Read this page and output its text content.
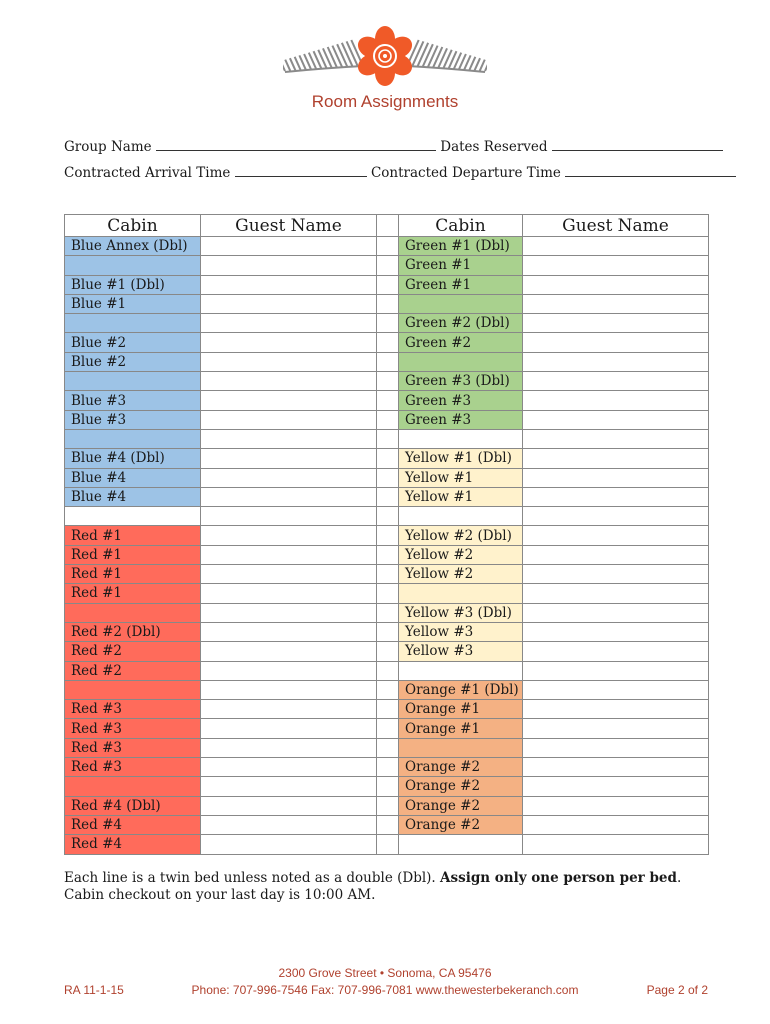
Room Assignments
Group Name	Dates Reserved
Contracted Arrival Time	Contracted Departure Time
Cabin	Guest Name		Cabin	Guest Name
Blue Annex (Dbl)			Green #1 (Dbl)	
			Green #1	
Blue #1 (Dbl)			Green #1	
Blue #1				
			Green #2 (Dbl)	
Blue #2			Green #2	
Blue #2				
			Green #3 (Dbl)	
Blue #3			Green #3	
Blue #3			Green #3	

Blue #4 (Dbl)			Yellow #1 (Dbl)	
Blue #4			Yellow #1	
Blue #4			Yellow #1	

Red #1			Yellow #2 (Dbl)	
Red #1			Yellow #2	
Red #1			Yellow #2	
Red #1				
			Yellow #3 (Dbl)	
Red #2 (Dbl)			Yellow #3	
Red #2			Yellow #3	
Red #2				
			Orange #1 (Dbl)	
Red #3			Orange #1	
Red #3			Orange #1	
Red #3				
Red #3			Orange #2	
			Orange #2	
Red #4 (Dbl)			Orange #2	
Red #4			Orange #2	
Red #4				
Each line is a twin bed unless noted as a double (Dbl). Assign only one person per bed.
Cabin checkout on your last day is 10:00 AM.
RA 11-1-15
2300 Grove Street • Sonoma, CA 95476
Phone: 707-996-7546 Fax: 707-996-7081 www.thewesterbekeranch.com	Page 2 of 2
